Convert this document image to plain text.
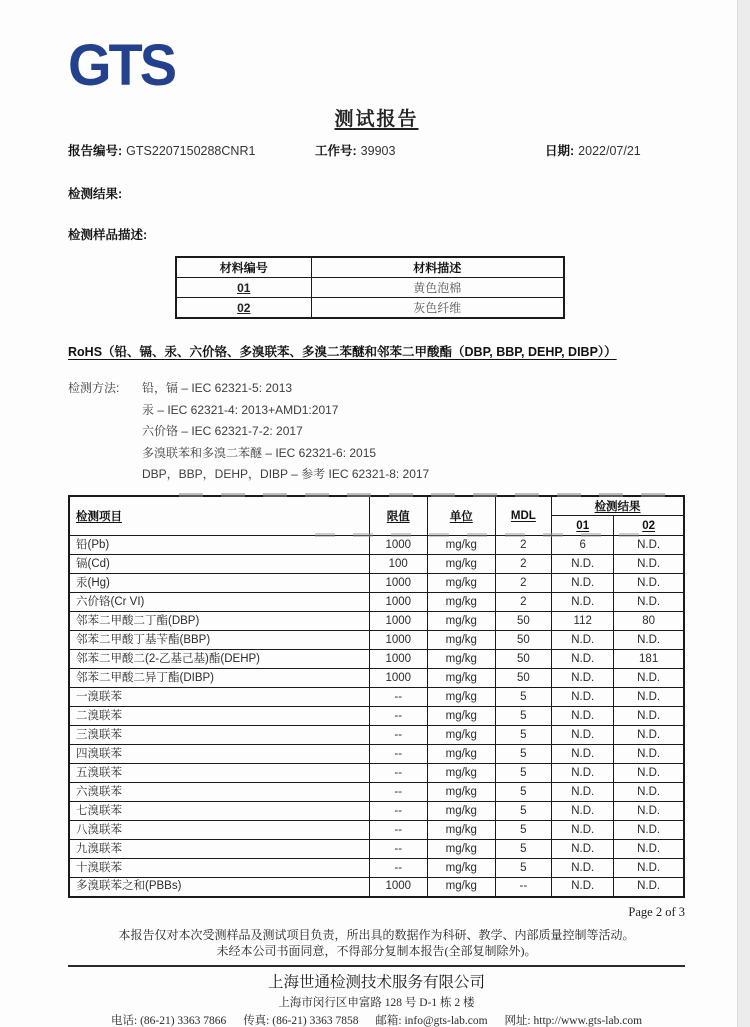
GTS
测试报告
报告编号: GTS2207150288CNR1	工作号: 39903	日期: 2022/07/21
检测结果:
检测样品描述:
材料编号	材料描述
01	黄色泡棉
02	灰色纤维
RoHS（铅、镉、汞、六价铬、多溴联苯、多溴二苯醚和邻苯二甲酸酯（DBP, BBP, DEHP, DIBP））
检测方法:	铅，镉 – IEC 62321-5: 2013
汞 – IEC 62321-4: 2013+AMD1:2017
六价铬 – IEC 62321-7-2: 2017
多溴联苯和多溴二苯醚 – IEC 62321-6: 2015
DBP，BBP，DEHP，DIBP – 参考 IEC 62321-8: 2017
检测项目	限值	单位	MDL	检测结果	
				01	02
铅(Pb)	1000	mg/kg	2	6	N.D.
镉(Cd)	100	mg/kg	2	N.D.	N.D.
汞(Hg)	1000	mg/kg	2	N.D.	N.D.
六价铬(Cr VI)	1000	mg/kg	2	N.D.	N.D.
邻苯二甲酸二丁酯(DBP)	1000	mg/kg	50	112	80
邻苯二甲酸丁基苄酯(BBP)	1000	mg/kg	50	N.D.	N.D.
邻苯二甲酸二(2-乙基己基)酯(DEHP)	1000	mg/kg	50	N.D.	181
邻苯二甲酸二异丁酯(DIBP)	1000	mg/kg	50	N.D.	N.D.
一溴联苯	--	mg/kg	5	N.D.	N.D.
二溴联苯	--	mg/kg	5	N.D.	N.D.
三溴联苯	--	mg/kg	5	N.D.	N.D.
四溴联苯	--	mg/kg	5	N.D.	N.D.
五溴联苯	--	mg/kg	5	N.D.	N.D.
六溴联苯	--	mg/kg	5	N.D.	N.D.
七溴联苯	--	mg/kg	5	N.D.	N.D.
八溴联苯	--	mg/kg	5	N.D.	N.D.
九溴联苯	--	mg/kg	5	N.D.	N.D.
十溴联苯	--	mg/kg	5	N.D.	N.D.
多溴联苯之和(PBBs)	1000	mg/kg	--	N.D.	N.D.
Page 2 of 3
本报告仅对本次受测样品及测试项目负责，所出具的数据作为科研、教学、内部质量控制等活动。
未经本公司书面同意，不得部分复制本报告(全部复制除外)。
上海世通检测技术服务有限公司
上海市闵行区申富路 128 号 D-1 栋 2 楼
电话: (86-21) 3363 7866 传真: (86-21) 3363 7858 邮箱: info@gts-lab.com 网址: http://www.gts-lab.com
